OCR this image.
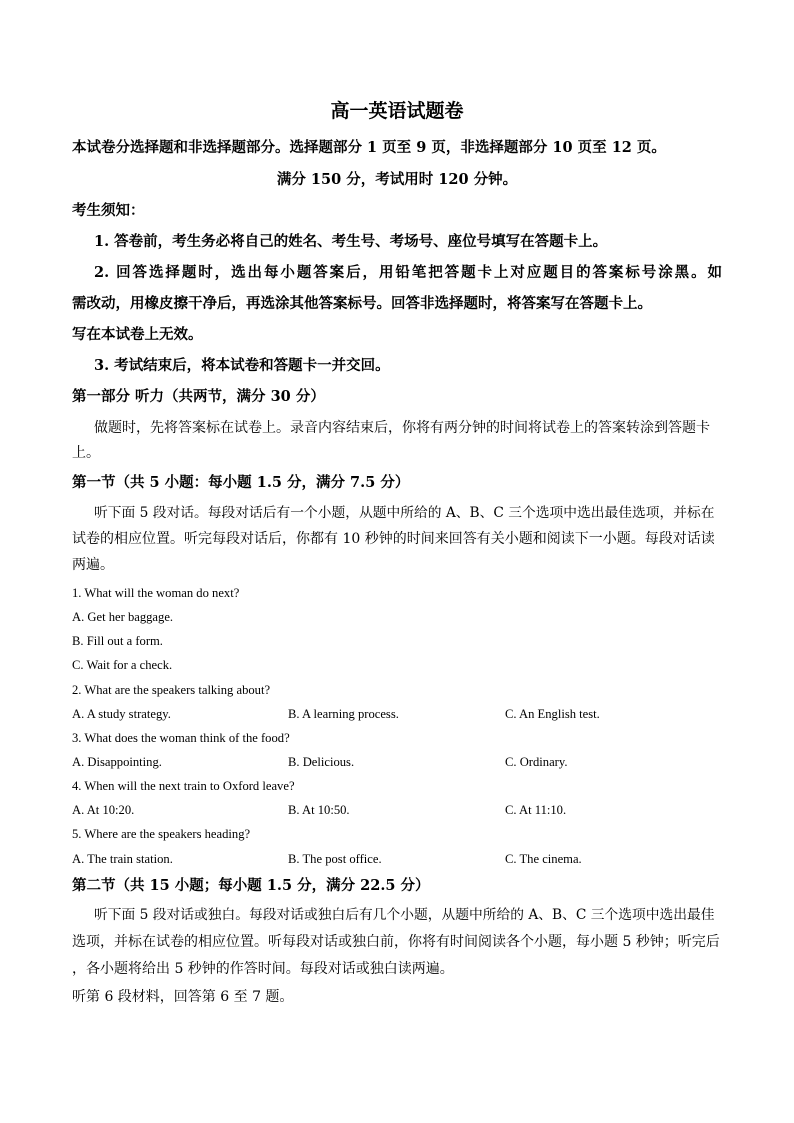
高一英语试题卷
本试卷分选择题和非选择题部分。选择题部分 1 页至 9 页，非选择题部分 10 页至 12 页。
满分 150 分，考试用时 120 分钟。
考生须知：
1. 答卷前，考生务必将自己的姓名、考生号、考场号、座位号填写在答题卡上。
2. 回答选择题时，选出每小题答案后，用铅笔把答题卡上对应题目的答案标号涂黑。如
需改动，用橡皮擦干净后，再选涂其他答案标号。回答非选择题时，将答案写在答题卡上。
写在本试卷上无效。
3. 考试结束后，将本试卷和答题卡一并交回。
第一部分 听力（共两节，满分 30 分）
做题时，先将答案标在试卷上。录音内容结束后，你将有两分钟的时间将试卷上的答案转涂到答题卡
上。
第一节（共 5 小题：每小题 1.5 分，满分 7.5 分）
听下面 5 段对话。每段对话后有一个小题，从题中所给的 A、B、C 三个选项中选出最佳选项，并标在
试卷的相应位置。听完每段对话后，你都有 10 秒钟的时间来回答有关小题和阅读下一小题。每段对话读
两遍。
1. What will the woman do next?
A. Get her baggage.
B. Fill out a form.
C. Wait for a check.
2. What are the speakers talking about?
A. A study strategy.	B. A learning process.	C. An English test.
3. What does the woman think of the food?
A. Disappointing.	B. Delicious.	C. Ordinary.
4. When will the next train to Oxford leave?
A. At 10:20.	B. At 10:50.	C. At 11:10.
5. Where are the speakers heading?
A. The train station.	B. The post office.	C. The cinema.
第二节（共 15 小题；每小题 1.5 分，满分 22.5 分）
听下面 5 段对话或独白。每段对话或独白后有几个小题，从题中所给的 A、B、C 三个选项中选出最佳
选项，并标在试卷的相应位置。听每段对话或独白前，你将有时间阅读各个小题，每小题 5 秒钟；听完后
，各小题将给出 5 秒钟的作答时间。每段对话或独白读两遍。
听第 6 段材料，回答第 6 至 7 题。
